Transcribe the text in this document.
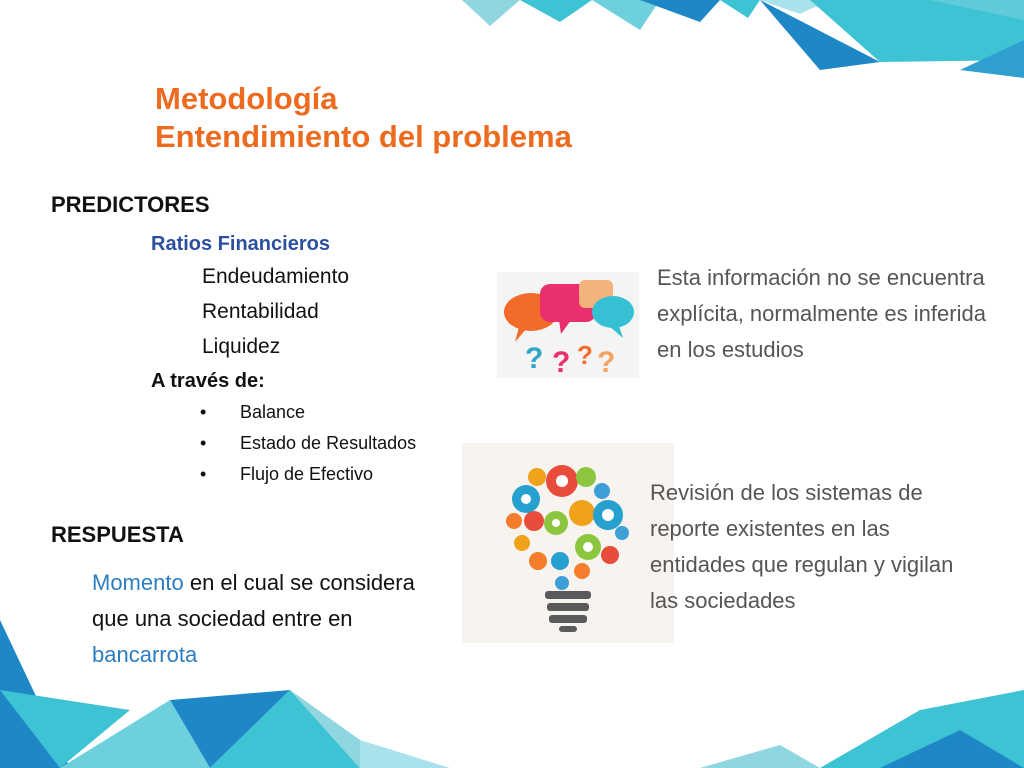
Metodología
Entendimiento del problema
PREDICTORES
Ratios Financieros
Endeudamiento
Rentabilidad
Liquidez
A través de:
• Balance
• Estado de Resultados
• Flujo de Efectivo
RESPUESTA
Momento en el cual se considera que una sociedad entre en bancarrota
? ? ? ?
Esta información no se encuentra explícita, normalmente es inferida en los estudios
Revisión de los sistemas de reporte existentes en las entidades que regulan y vigilan las sociedades
